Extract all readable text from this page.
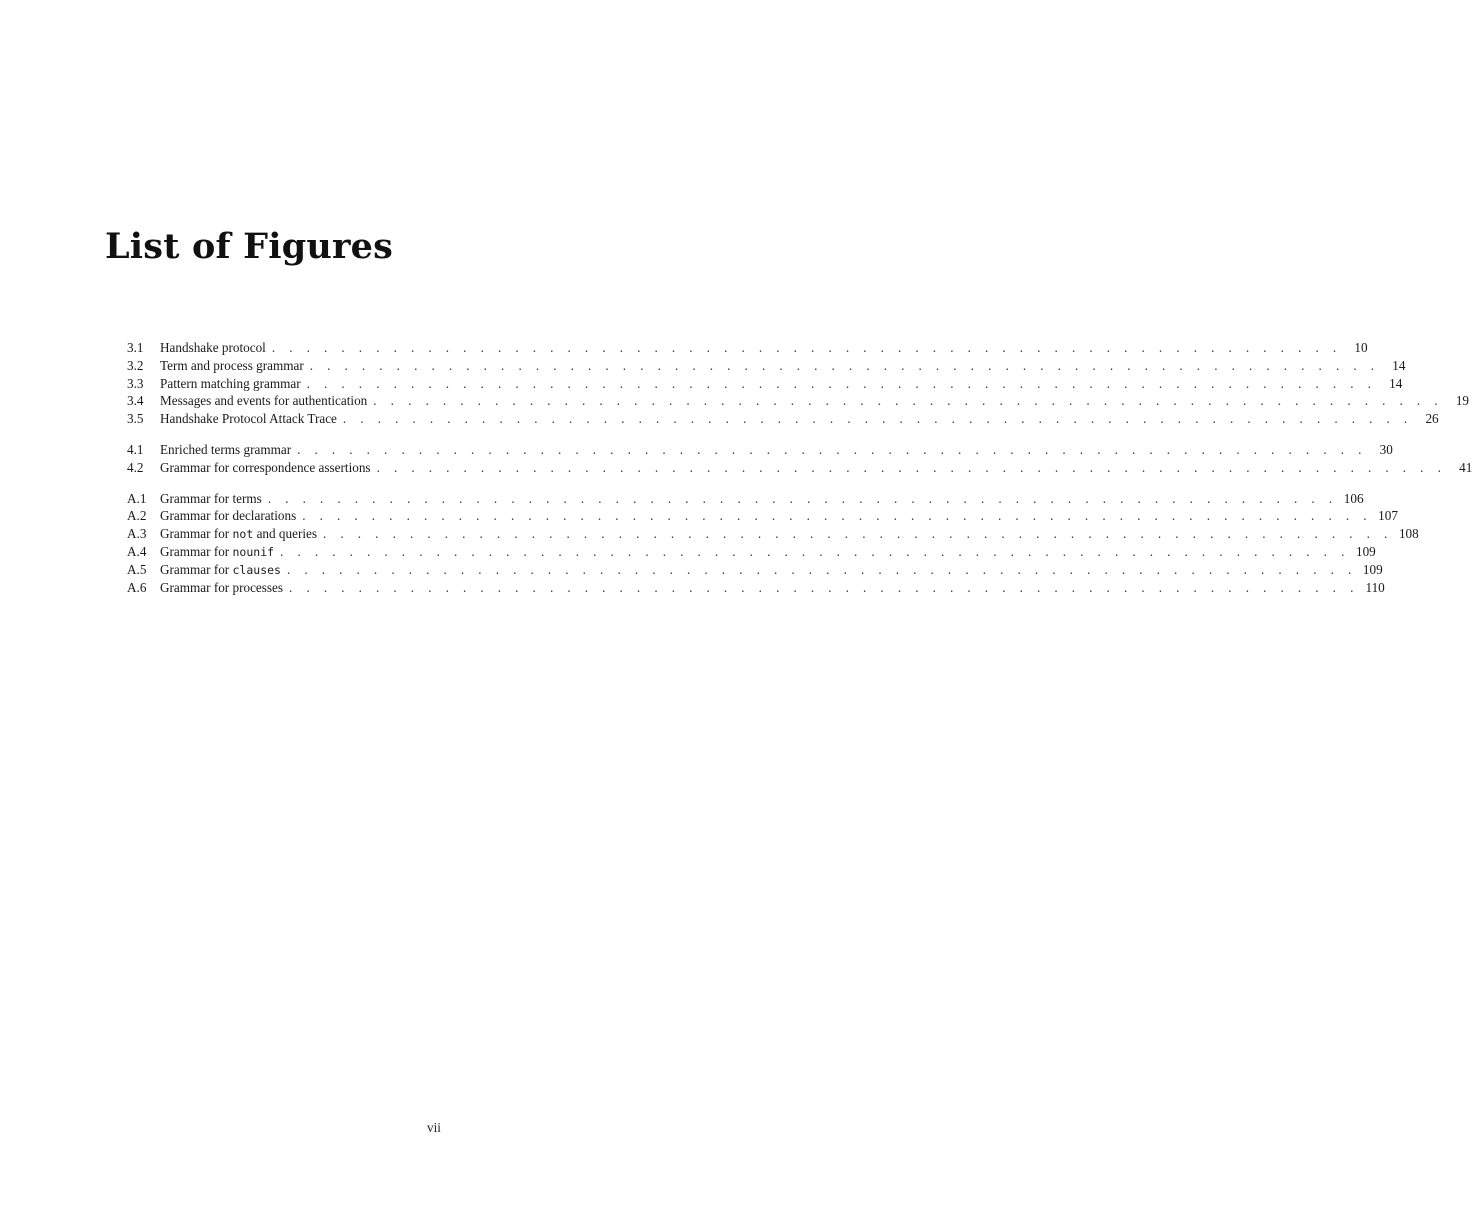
List of Figures
3.1	Handshake protocol . . . . . . . . . . . . . . . . . . . . . . . . . . . . . . . . . . . . . . . . . . . . . . . . . . . . . . . . . . . . . . 10
3.2	Term and process grammar . . . . . . . . . . . . . . . . . . . . . . . . . . . . . . . . . . . . . . . . . . . . . . . . . . . . . . . . . . . . . . 14
3.3	Pattern matching grammar . . . . . . . . . . . . . . . . . . . . . . . . . . . . . . . . . . . . . . . . . . . . . . . . . . . . . . . . . . . . . . 14
3.4	Messages and events for authentication . . . . . . . . . . . . . . . . . . . . . . . . . . . . . . . . . . . . . . . . . . . . . . . . . . . . . . . . . . . . . . 19
3.5	Handshake Protocol Attack Trace . . . . . . . . . . . . . . . . . . . . . . . . . . . . . . . . . . . . . . . . . . . . . . . . . . . . . . . . . . . . . . 26
4.1	Enriched terms grammar . . . . . . . . . . . . . . . . . . . . . . . . . . . . . . . . . . . . . . . . . . . . . . . . . . . . . . . . . . . . . . 30
4.2	Grammar for correspondence assertions . . . . . . . . . . . . . . . . . . . . . . . . . . . . . . . . . . . . . . . . . . . . . . . . . . . . . . . . . . . . . . 41
A.1	Grammar for terms . . . . . . . . . . . . . . . . . . . . . . . . . . . . . . . . . . . . . . . . . . . . . . . . . . . . . . . . . . . . . . 106
A.2	Grammar for declarations . . . . . . . . . . . . . . . . . . . . . . . . . . . . . . . . . . . . . . . . . . . . . . . . . . . . . . . . . . . . . . 107
A.3	Grammar for not and queries . . . . . . . . . . . . . . . . . . . . . . . . . . . . . . . . . . . . . . . . . . . . . . . . . . . . . . . . . . . . . . 108
A.4	Grammar for nounif . . . . . . . . . . . . . . . . . . . . . . . . . . . . . . . . . . . . . . . . . . . . . . . . . . . . . . . . . . . . . . 109
A.5	Grammar for clauses . . . . . . . . . . . . . . . . . . . . . . . . . . . . . . . . . . . . . . . . . . . . . . . . . . . . . . . . . . . . . . 109
A.6	Grammar for processes . . . . . . . . . . . . . . . . . . . . . . . . . . . . . . . . . . . . . . . . . . . . . . . . . . . . . . . . . . . . . . 110
vii
